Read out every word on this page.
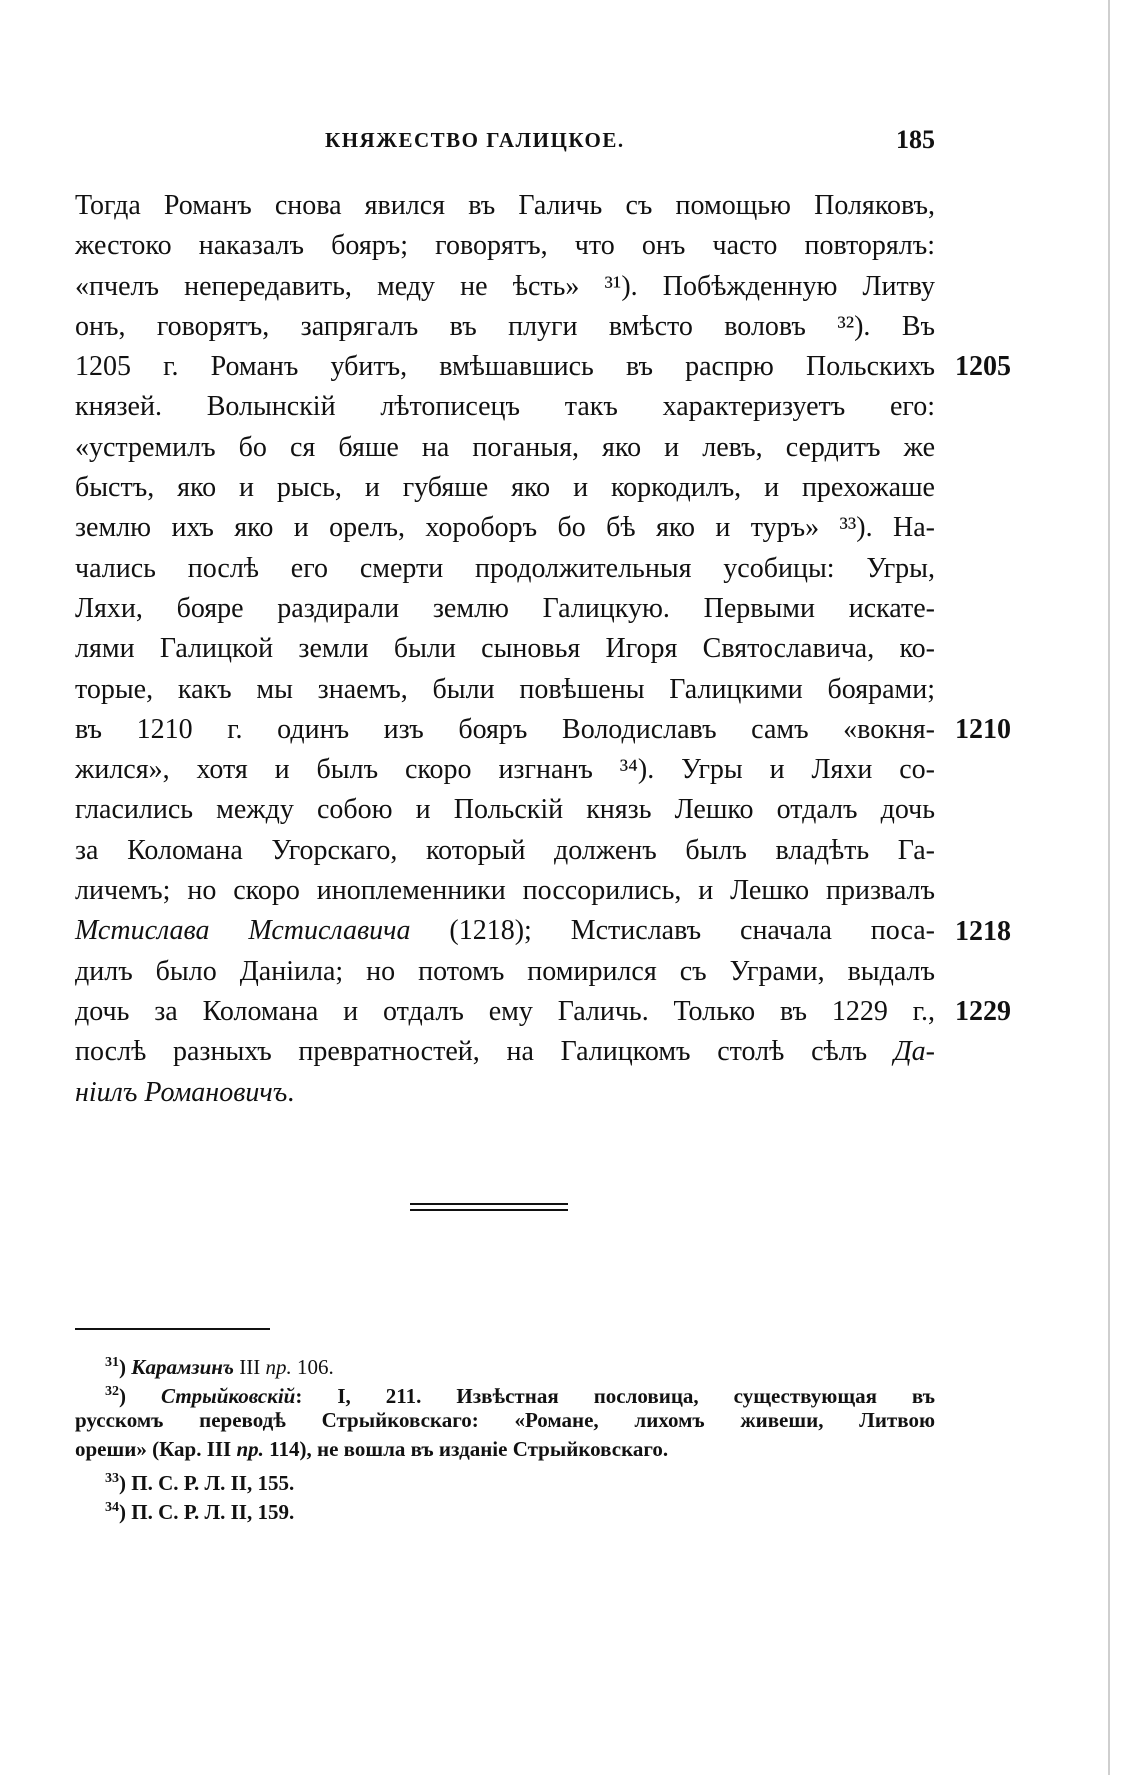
КНЯЖЕСТВО ГАЛИЦКОЕ.	185
Тогда Романъ снова явился въ Галичь съ помощью Поляковъ,
жестоко наказалъ бояръ; говорятъ, что онъ часто повторялъ:
«пчелъ непередавить, меду не ѣсть» ³¹). Побѣжденную Литву
онъ, говорятъ, запрягалъ въ плуги вмѣсто воловъ ³²). Въ
1205 г. Романъ убитъ, вмѣшавшись въ распрю Польскихъ
князей. Волынскій лѣтописецъ такъ характеризуетъ его:
«устремилъ бо ся бяше на поганыя, яко и левъ, сердитъ же
быстъ, яко и рысь, и губяше яко и коркодилъ, и прехожаше
землю ихъ яко и орелъ, хороборъ бо бѣ яко и туръ» ³³). На-
чались послѣ его смерти продолжительныя усобицы: Угры,
Ляхи, бояре раздирали землю Галицкую. Первыми искате-
лями Галицкой земли были сыновья Игоря Святославича, ко-
торые, какъ мы знаемъ, были повѣшены Галицкими боярами;
въ 1210 г. одинъ изъ бояръ Володиславъ самъ «вокня-
жился», хотя и былъ скоро изгнанъ ³⁴). Угры и Ляхи со-
гласились между собою и Польскій князь Лешко отдалъ дочь
за Коломана Угорскаго, который долженъ былъ владѣть Га-
личемъ; но скоро иноплеменники поссорились, и Лешко призвалъ
Мстислава Мстиславича (1218); Мстиславъ сначала поса-
дилъ было Даніила; но потомъ помирился съ Уграми, выдалъ
дочь за Коломана и отдалъ ему Галичь. Только въ 1229 г.,
послѣ разныхъ превратностей, на Галицкомъ столѣ сѣлъ Да-
ніилъ Романовичъ.
1205
1210
1218
1229
$^{31}$) Карамзинъ III пр. 106.
$^{32}$) Стрыйковскій: I, 211. Извѣстная пословица, существующая въ
русскомъ переводѣ Стрыйковскаго: «Романе, лихомъ живеши, Литвою
ореши» (Кар. III пр. 114), не вошла въ изданіе Стрыйковскаго.
$^{33}$) П. С. Р. Л. II, 155.
$^{34}$) П. С. Р. Л. II, 159.
